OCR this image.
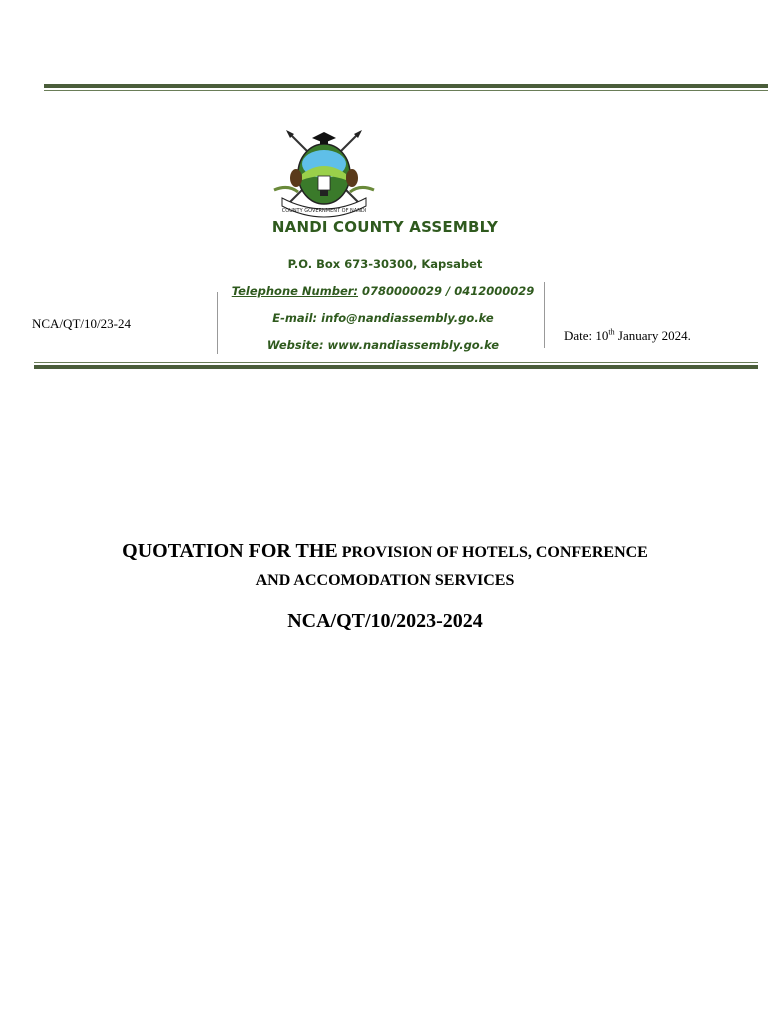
COUNTY GOVERNMENT OF NANDI
NANDI COUNTY ASSEMBLY
P.O. Box 673-30300, Kapsabet
Telephone Number: 0780000029 / 0412000029
E-mail: info@nandiassembly.go.ke
Website: www.nandiassembly.go.ke
NCA/QT/10/23-24
Date: 10th January 2024.
QUOTATION FOR THE PROVISION OF HOTELS, CONFERENCE
AND ACCOMODATION SERVICES
NCA/QT/10/2023-2024
